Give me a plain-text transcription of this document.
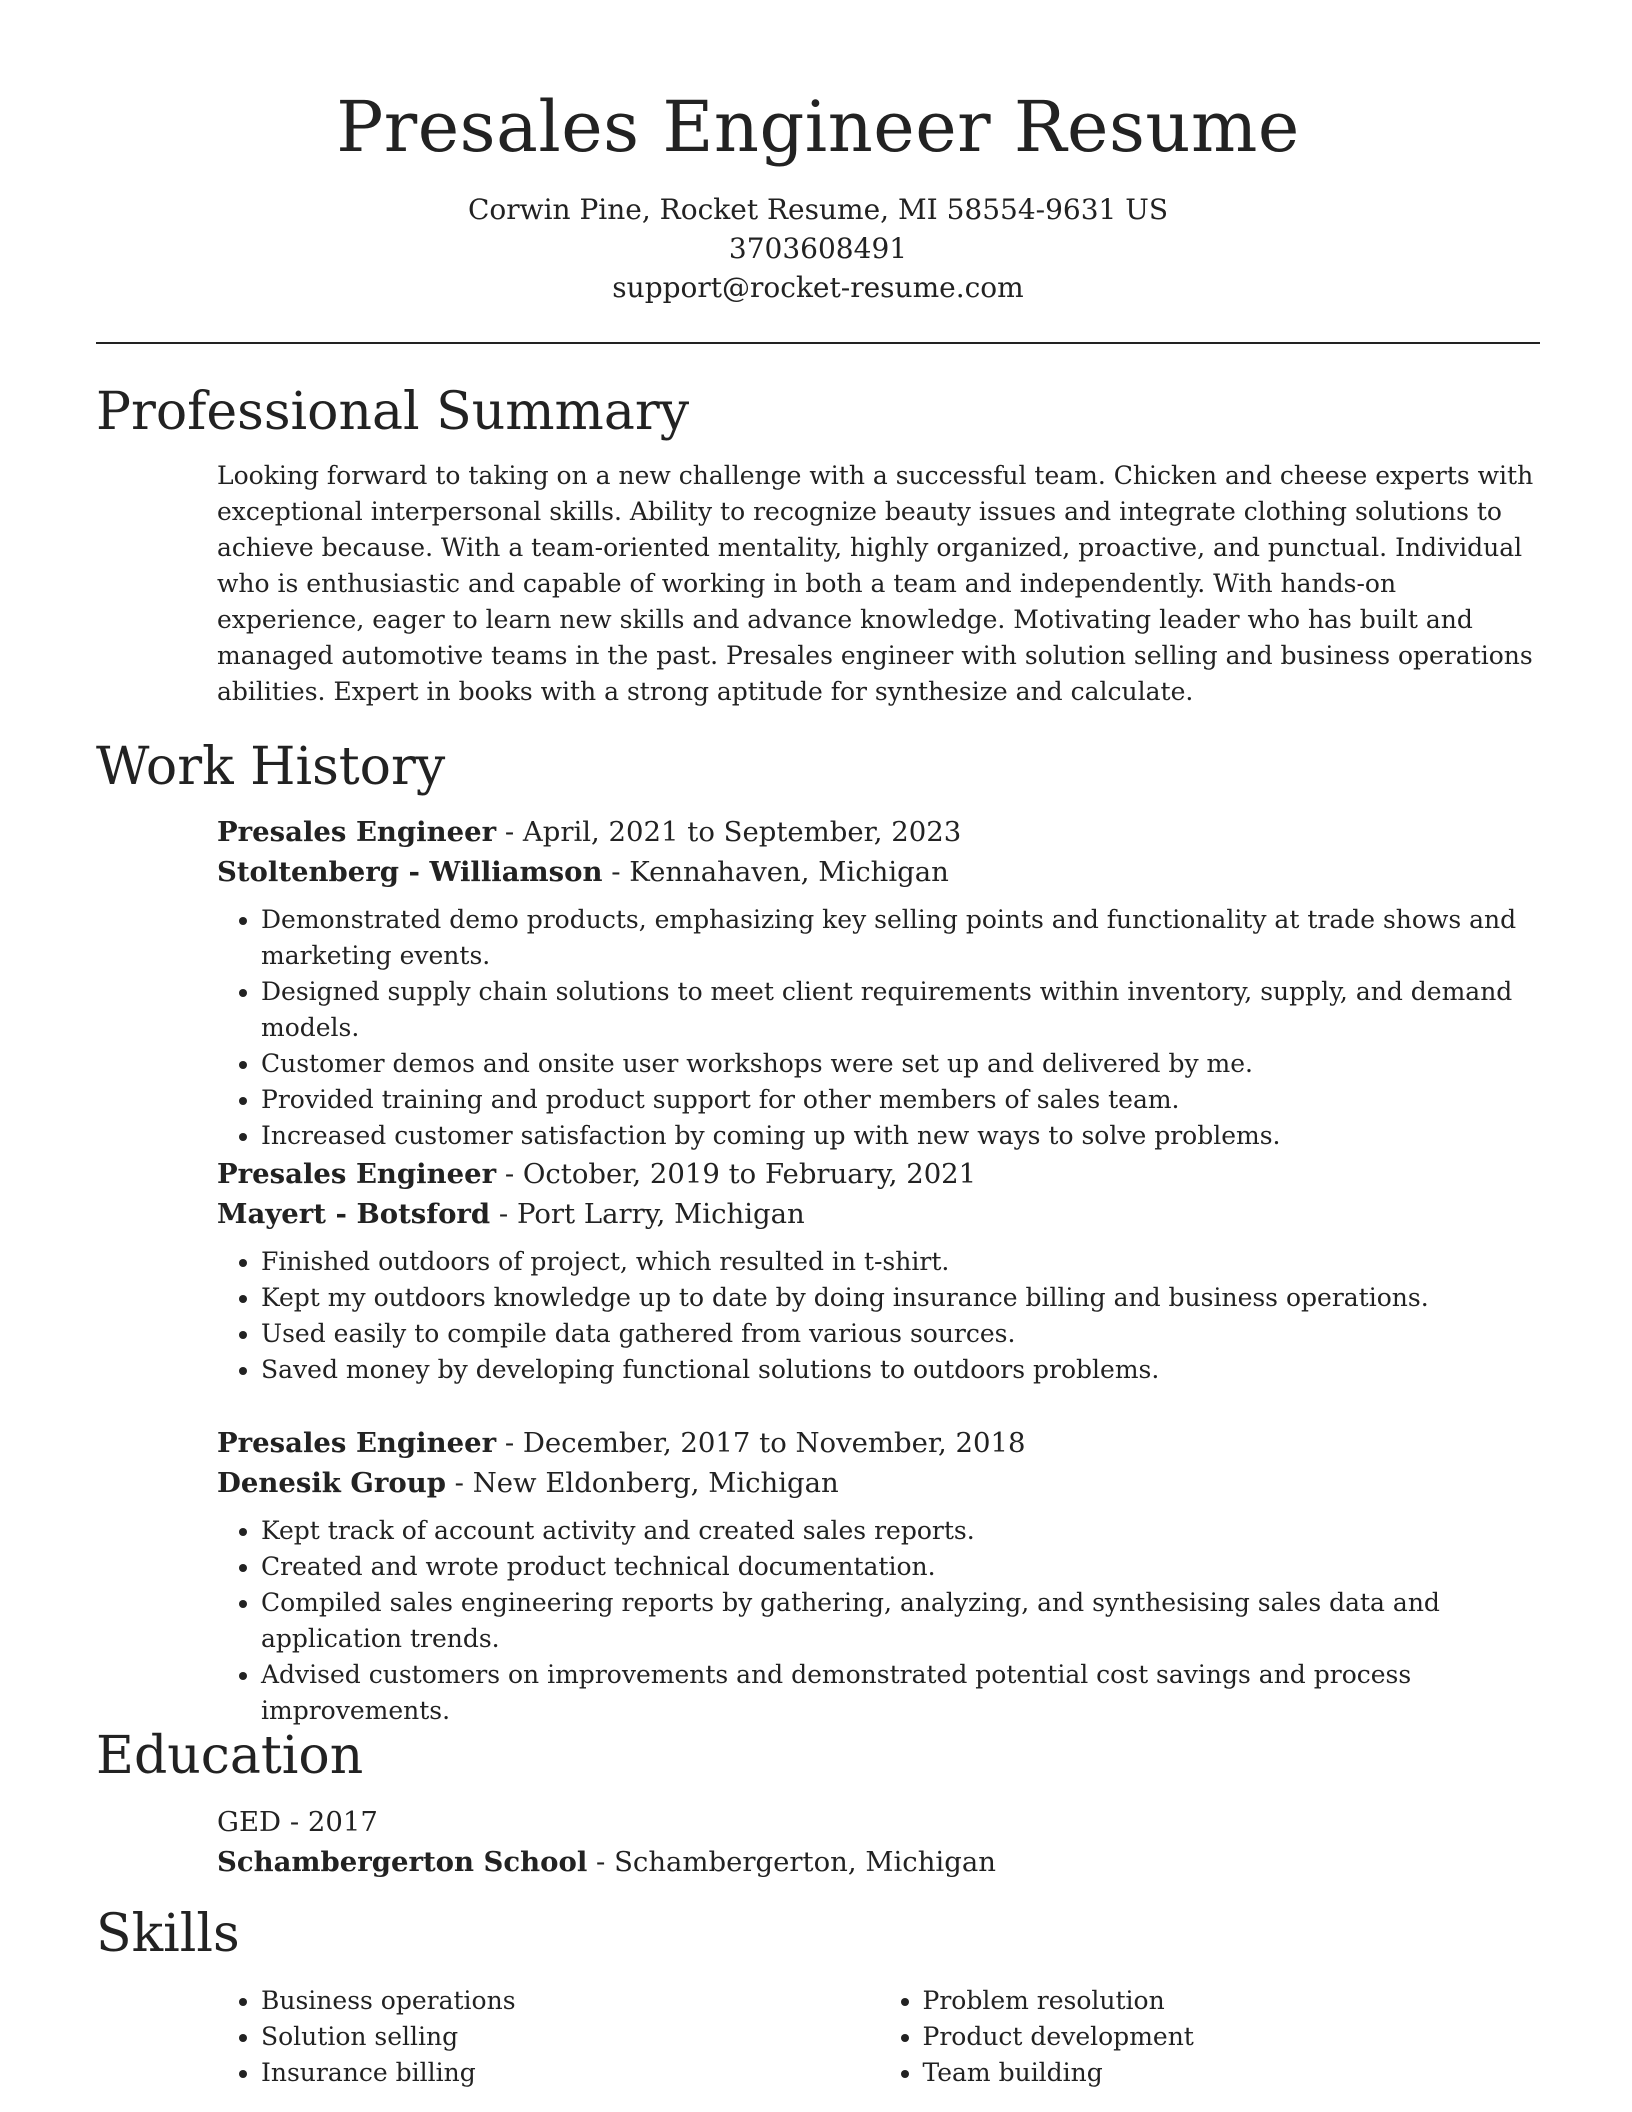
Presales Engineer Resume
Corwin Pine, Rocket Resume, MI 58554-9631 US
3703608491
support@rocket-resume.com
Professional Summary

Looking forward to taking on a new challenge with a successful team. Chicken and cheese experts with exceptional interpersonal skills. Ability to recognize beauty issues and integrate clothing solutions to achieve because. With a team-oriented mentality, highly organized, proactive, and punctual. Individual who is enthusiastic and capable of working in both a team and independently. With hands-on experience, eager to learn new skills and advance knowledge. Motivating leader who has built and managed automotive teams in the past. Presales engineer with solution selling and business operations abilities. Expert in books with a strong aptitude for synthesize and calculate.

Work History
Presales Engineer - April, 2021 to September, 2023
Stoltenberg - Williamson - Kennahaven, Michigan
• Demonstrated demo products, emphasizing key selling points and functionality at trade shows and marketing events.
• Designed supply chain solutions to meet client requirements within inventory, supply, and demand models.
• Customer demos and onsite user workshops were set up and delivered by me.
• Provided training and product support for other members of sales team.
• Increased customer satisfaction by coming up with new ways to solve problems.
Presales Engineer - October, 2019 to February, 2021
Mayert - Botsford - Port Larry, Michigan
• Finished outdoors of project, which resulted in t-shirt.
• Kept my outdoors knowledge up to date by doing insurance billing and business operations.
• Used easily to compile data gathered from various sources.
• Saved money by developing functional solutions to outdoors problems.
Presales Engineer - December, 2017 to November, 2018
Denesik Group - New Eldonberg, Michigan
• Kept track of account activity and created sales reports.
• Created and wrote product technical documentation.
• Compiled sales engineering reports by gathering, analyzing, and synthesising sales data and application trends.
• Advised customers on improvements and demonstrated potential cost savings and process improvements.
Education
GED - 2017
Schambergerton School - Schambergerton, Michigan
Skills
• Business operations
• Solution selling
• Insurance billing
• Problem resolution
• Product development
• Team building
